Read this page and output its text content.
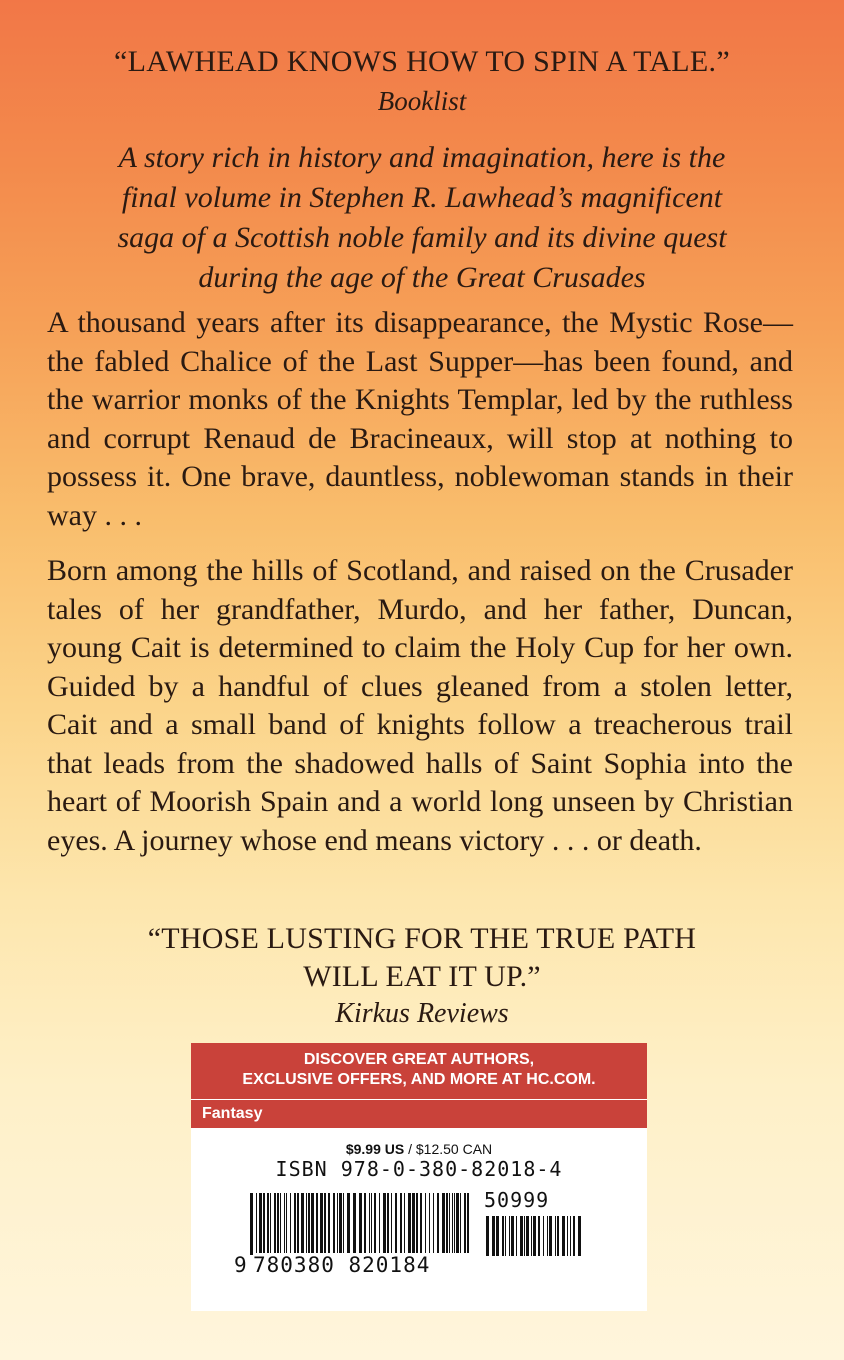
“LAWHEAD KNOWS HOW TO SPIN A TALE.”
Booklist
A story rich in history and imagination, here is the final volume in Stephen R. Lawhead’s magnificent saga of a Scottish noble family and its divine quest during the age of the Great Crusades
A thousand years after its disappearance, the Mystic Rose—the fabled Chalice of the Last Supper—has been found, and the warrior monks of the Knights Templar, led by the ruthless and corrupt Renaud de Bracineaux, will stop at nothing to possess it. One brave, dauntless, noblewoman stands in their way . . .
Born among the hills of Scotland, and raised on the Crusader tales of her grandfather, Murdo, and her father, Duncan, young Cait is determined to claim the Holy Cup for her own. Guided by a handful of clues gleaned from a stolen letter, Cait and a small band of knights follow a treacherous trail that leads from the shadowed halls of Saint Sophia into the heart of Moorish Spain and a world long unseen by Christian eyes. A journey whose end means victory . . . or death.
“THOSE LUSTING FOR THE TRUE PATH
WILL EAT IT UP.”
Kirkus Reviews
DISCOVER GREAT AUTHORS,
EXCLUSIVE OFFERS, AND MORE AT HC.COM.
Fantasy
$9.99 US / $12.50 CAN
ISBN 978-0-380-82018-4
50999
9 780380 820184
